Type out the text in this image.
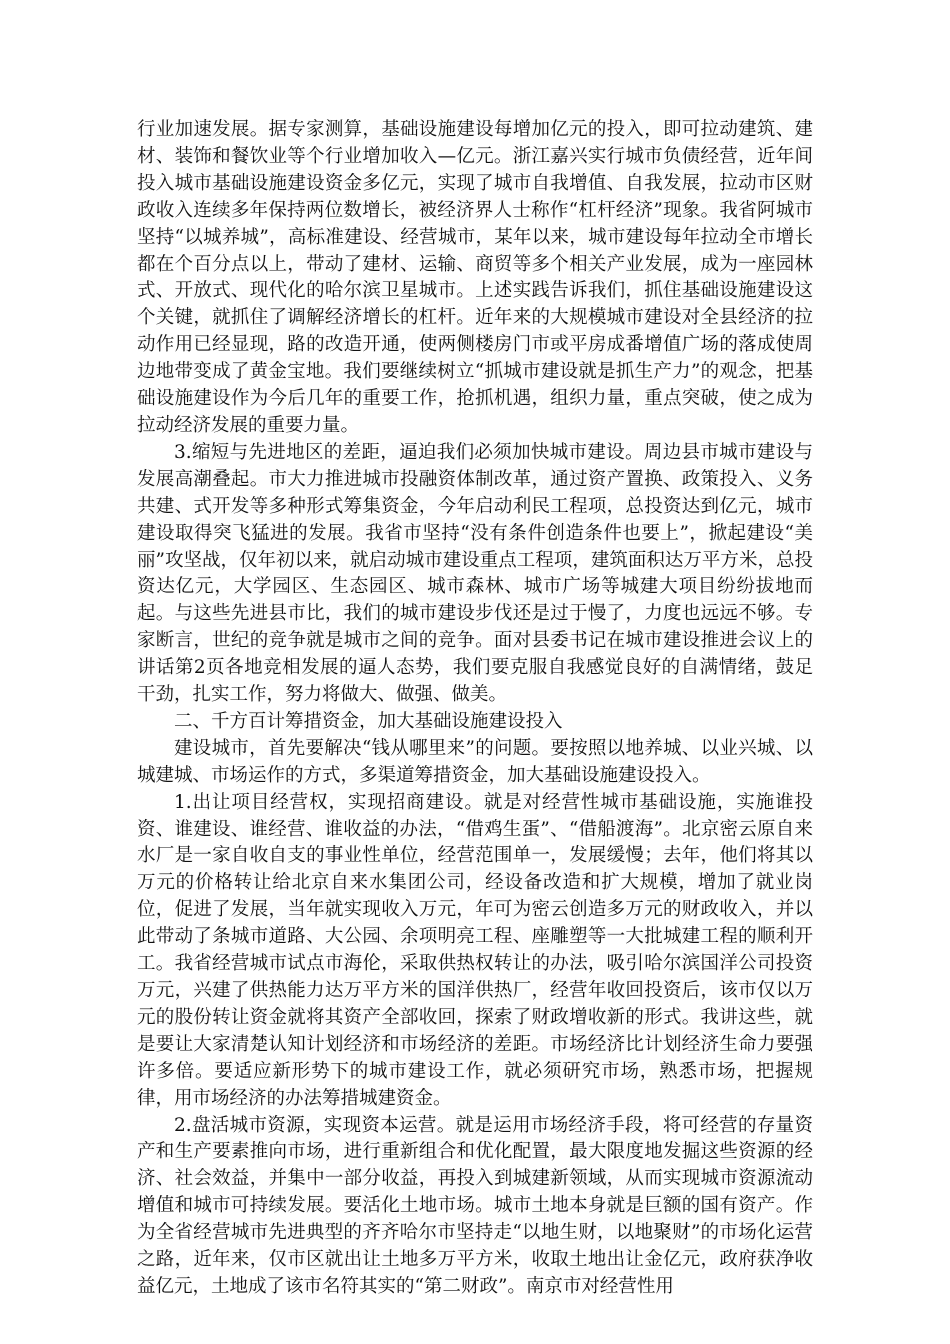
行业加速发展。据专家测算，基础设施建设每增加亿元的投入，即可拉动建筑、建材、装饰和餐饮业等个行业增加收入—亿元。浙江嘉兴实行城市负债经营，近年间投入城市基础设施建设资金多亿元，实现了城市自我增值、自我发展，拉动市区财政收入连续多年保持两位数增长，被经济界人士称作“杠杆经济”现象。我省阿城市坚持“以城养城”，高标准建设、经营城市，某年以来，城市建设每年拉动全市增长都在个百分点以上，带动了建材、运输、商贸等多个相关产业发展，成为一座园林式、开放式、现代化的哈尔滨卫星城市。上述实践告诉我们，抓住基础设施建设这个关键，就抓住了调解经济增长的杠杆。近年来的大规模城市建设对全县经济的拉动作用已经显现，路的改造开通，使两侧楼房门市或平房成番增值广场的落成使周边地带变成了黄金宝地。我们要继续树立“抓城市建设就是抓生产力”的观念，把基础设施建设作为今后几年的重要工作，抢抓机遇，组织力量，重点突破，使之成为拉动经济发展的重要力量。

3.缩短与先进地区的差距，逼迫我们必须加快城市建设。周边县市城市建设与发展高潮叠起。市大力推进城市投融资体制改革，通过资产置换、政策投入、义务共建、式开发等多种形式筹集资金，今年启动利民工程项，总投资达到亿元，城市建设取得突飞猛进的发展。我省市坚持“没有条件创造条件也要上”，掀起建设“美丽”攻坚战，仅年初以来，就启动城市建设重点工程项，建筑面积达万平方米，总投资达亿元，大学园区、生态园区、城市森林、城市广场等城建大项目纷纷拔地而起。与这些先进县市比，我们的城市建设步伐还是过于慢了，力度也远远不够。专家断言，世纪的竞争就是城市之间的竞争。面对县委书记在城市建设推进会议上的讲话第2页各地竞相发展的逼人态势，我们要克服自我感觉良好的自满情绪，鼓足干劲，扎实工作，努力将做大、做强、做美。

二、千方百计筹措资金，加大基础设施建设投入

建设城市，首先要解决“钱从哪里来”的问题。要按照以地养城、以业兴城、以城建城、市场运作的方式，多渠道筹措资金，加大基础设施建设投入。

1.出让项目经营权，实现招商建设。就是对经营性城市基础设施，实施谁投资、谁建设、谁经营、谁收益的办法，“借鸡生蛋”、“借船渡海”。北京密云原自来水厂是一家自收自支的事业性单位，经营范围单一，发展缓慢；去年，他们将其以万元的价格转让给北京自来水集团公司，经设备改造和扩大规模，增加了就业岗位，促进了发展，当年就实现收入万元，年可为密云创造多万元的财政收入，并以此带动了条城市道路、大公园、余项明亮工程、座雕塑等一大批城建工程的顺利开工。我省经营城市试点市海伦，采取供热权转让的办法，吸引哈尔滨国洋公司投资万元，兴建了供热能力达万平方米的国洋供热厂，经营年收回投资后，该市仅以万元的股份转让资金就将其资产全部收回，探索了财政增收新的形式。我讲这些，就是要让大家清楚认知计划经济和市场经济的差距。市场经济比计划经济生命力要强许多倍。要适应新形势下的城市建设工作，就必须研究市场，熟悉市场，把握规律，用市场经济的办法筹措城建资金。

2.盘活城市资源，实现资本运营。就是运用市场经济手段，将可经营的存量资产和生产要素推向市场，进行重新组合和优化配置，最大限度地发掘这些资源的经济、社会效益，并集中一部分收益，再投入到城建新领域，从而实现城市资源流动增值和城市可持续发展。要活化土地市场。城市土地本身就是巨额的国有资产。作为全省经营城市先进典型的齐齐哈尔市坚持走“以地生财，以地聚财”的市场化运营之路，近年来，仅市区就出让土地多万平方米，收取土地出让金亿元，政府获净收益亿元，土地成了该市名符其实的“第二财政”。南京市对经营性用
